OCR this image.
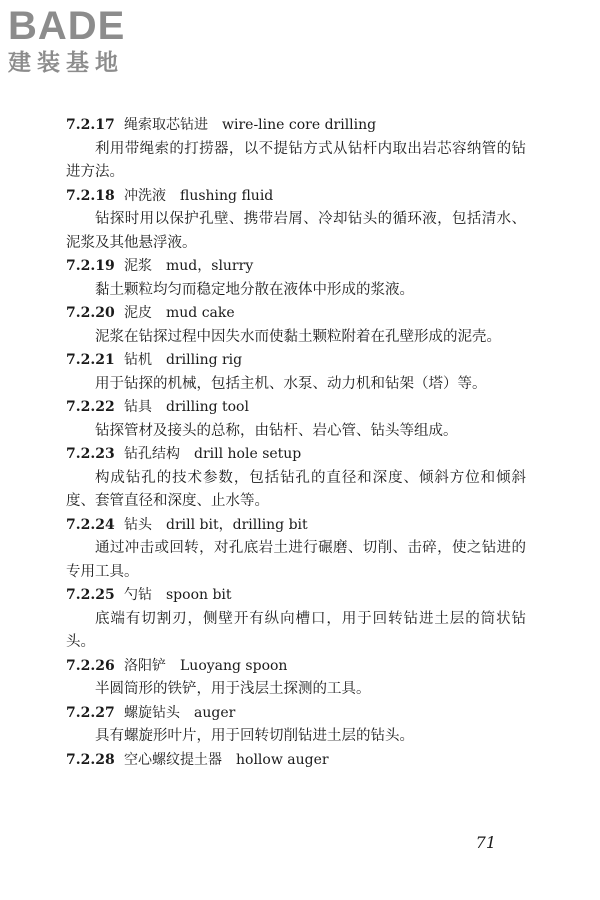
BADE
建装基地
7.2.17 绳索取芯钻进 wire-line core drilling

利用带绳索的打捞器，以不提钻方式从钻杆内取出岩芯容纳管的钻进方法。

7.2.18 冲洗液 flushing fluid

钻探时用以保护孔壁、携带岩屑、冷却钻头的循环液，包括清水、泥浆及其他悬浮液。

7.2.19 泥浆 mud，slurry

黏土颗粒均匀而稳定地分散在液体中形成的浆液。

7.2.20 泥皮 mud cake

泥浆在钻探过程中因失水而使黏土颗粒附着在孔壁形成的泥壳。

7.2.21 钻机 drilling rig

用于钻探的机械，包括主机、水泵、动力机和钻架（塔）等。

7.2.22 钻具 drilling tool

钻探管材及接头的总称，由钻杆、岩心管、钻头等组成。

7.2.23 钻孔结构 drill hole setup

构成钻孔的技术参数，包括钻孔的直径和深度、倾斜方位和倾斜度、套管直径和深度、止水等。

7.2.24 钻头 drill bit，drilling bit

通过冲击或回转，对孔底岩土进行碾磨、切削、击碎，使之钻进的专用工具。

7.2.25 勺钻 spoon bit

底端有切割刃，侧壁开有纵向槽口，用于回转钻进土层的筒状钻头。

7.2.26 洛阳铲 Luoyang spoon

半圆筒形的铁铲，用于浅层土探测的工具。

7.2.27 螺旋钻头 auger

具有螺旋形叶片，用于回转切削钻进土层的钻头。

7.2.28 空心螺纹提土器 hollow auger
71
